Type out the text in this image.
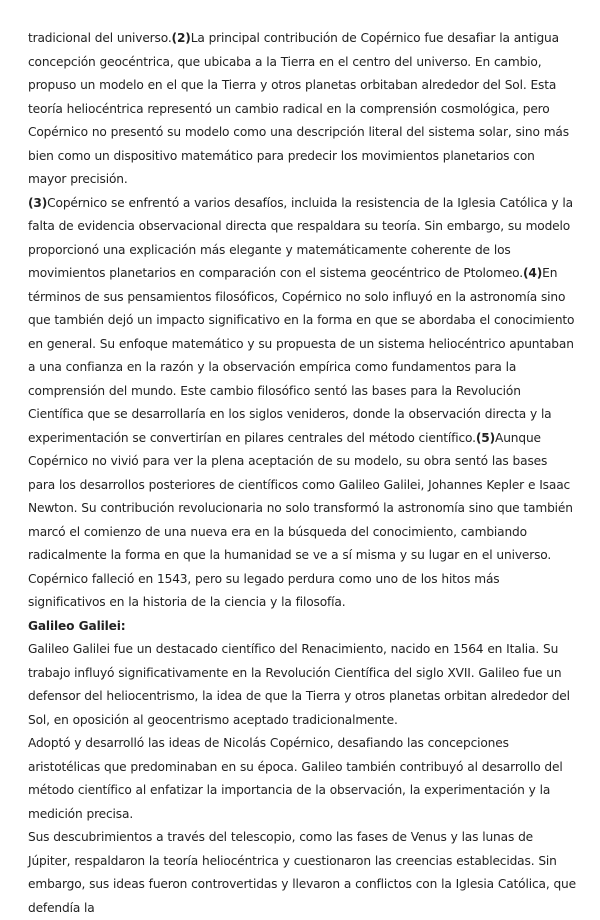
tradicional del universo.(2)La principal contribución de Copérnico fue desafiar la antigua concepción geocéntrica, que ubicaba a la Tierra en el centro del universo. En cambio, propuso un modelo en el que la Tierra y otros planetas orbitaban alrededor del Sol. Esta teoría heliocéntrica representó un cambio radical en la comprensión cosmológica, pero Copérnico no presentó su modelo como una descripción literal del sistema solar, sino más bien como un dispositivo matemático para predecir los movimientos planetarios con mayor precisión.
(3)Copérnico se enfrentó a varios desafíos, incluida la resistencia de la Iglesia Católica y la falta de evidencia observacional directa que respaldara su teoría. Sin embargo, su modelo proporcionó una explicación más elegante y matemáticamente coherente de los movimientos planetarios en comparación con el sistema geocéntrico de Ptolomeo.(4)En términos de sus pensamientos filosóficos, Copérnico no solo influyó en la astronomía sino que también dejó un impacto significativo en la forma en que se abordaba el conocimiento en general. Su enfoque matemático y su propuesta de un sistema heliocéntrico apuntaban a una confianza en la razón y la observación empírica como fundamentos para la comprensión del mundo. Este cambio filosófico sentó las bases para la Revolución Científica que se desarrollaría en los siglos venideros, donde la observación directa y la experimentación se convertirían en pilares centrales del método científico.(5)Aunque Copérnico no vivió para ver la plena aceptación de su modelo, su obra sentó las bases para los desarrollos posteriores de científicos como Galileo Galilei, Johannes Kepler e Isaac Newton. Su contribución revolucionaria no solo transformó la astronomía sino que también marcó el comienzo de una nueva era en la búsqueda del conocimiento, cambiando radicalmente la forma en que la humanidad se ve a sí misma y su lugar en el universo. Copérnico falleció en 1543, pero su legado perdura como uno de los hitos más significativos en la historia de la ciencia y la filosofía.

Galileo Galilei:

Galileo Galilei fue un destacado científico del Renacimiento, nacido en 1564 en Italia. Su trabajo influyó significativamente en la Revolución Científica del siglo XVII. Galileo fue un defensor del heliocentrismo, la idea de que la Tierra y otros planetas orbitan alrededor del Sol, en oposición al geocentrismo aceptado tradicionalmente.

Adoptó y desarrolló las ideas de Nicolás Copérnico, desafiando las concepciones aristotélicas que predominaban en su época. Galileo también contribuyó al desarrollo del método científico al enfatizar la importancia de la observación, la experimentación y la medición precisa.

Sus descubrimientos a través del telescopio, como las fases de Venus y las lunas de Júpiter, respaldaron la teoría heliocéntrica y cuestionaron las creencias establecidas. Sin embargo, sus ideas fueron controvertidas y llevaron a conflictos con la Iglesia Católica, que defendía la
